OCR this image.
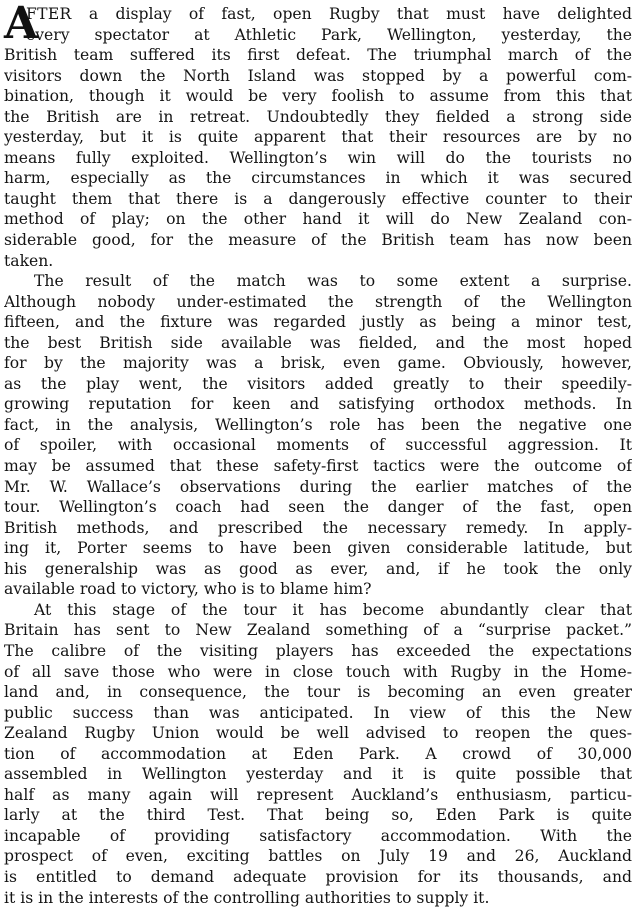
A
FTER a display of fast, open Rugby that must have delighted
every spectator at Athletic Park, Wellington, yesterday, the
British team suffered its first defeat. The triumphal march of the
visitors down the North Island was stopped by a powerful com-
bination, though it would be very foolish to assume from this that
the British are in retreat. Undoubtedly they fielded a strong side
yesterday, but it is quite apparent that their resources are by no
means fully exploited. Wellington’s win will do the tourists no
harm, especially as the circumstances in which it was secured
taught them that there is a dangerously effective counter to their
method of play; on the other hand it will do New Zealand con-
siderable good, for the measure of the British team has now been
taken.
The result of the match was to some extent a surprise.
Although nobody under-estimated the strength of the Wellington
fifteen, and the fixture was regarded justly as being a minor test,
the best British side available was fielded, and the most hoped
for by the majority was a brisk, even game. Obviously, however,
as the play went, the visitors added greatly to their speedily-
growing reputation for keen and satisfying orthodox methods. In
fact, in the analysis, Wellington’s role has been the negative one
of spoiler, with occasional moments of successful aggression. It
may be assumed that these safety-first tactics were the outcome of
Mr. W. Wallace’s observations during the earlier matches of the
tour. Wellington’s coach had seen the danger of the fast, open
British methods, and prescribed the necessary remedy. In apply-
ing it, Porter seems to have been given considerable latitude, but
his generalship was as good as ever, and, if he took the only
available road to victory, who is to blame him?
At this stage of the tour it has become abundantly clear that
Britain has sent to New Zealand something of a “surprise packet.”
The calibre of the visiting players has exceeded the expectations
of all save those who were in close touch with Rugby in the Home-
land and, in consequence, the tour is becoming an even greater
public success than was anticipated. In view of this the New
Zealand Rugby Union would be well advised to reopen the ques-
tion of accommodation at Eden Park. A crowd of 30,000
assembled in Wellington yesterday and it is quite possible that
half as many again will represent Auckland’s enthusiasm, particu-
larly at the third Test. That being so, Eden Park is quite
incapable of providing satisfactory accommodation. With the
prospect of even, exciting battles on July 19 and 26, Auckland
is entitled to demand adequate provision for its thousands, and
it is in the interests of the controlling authorities to supply it.
